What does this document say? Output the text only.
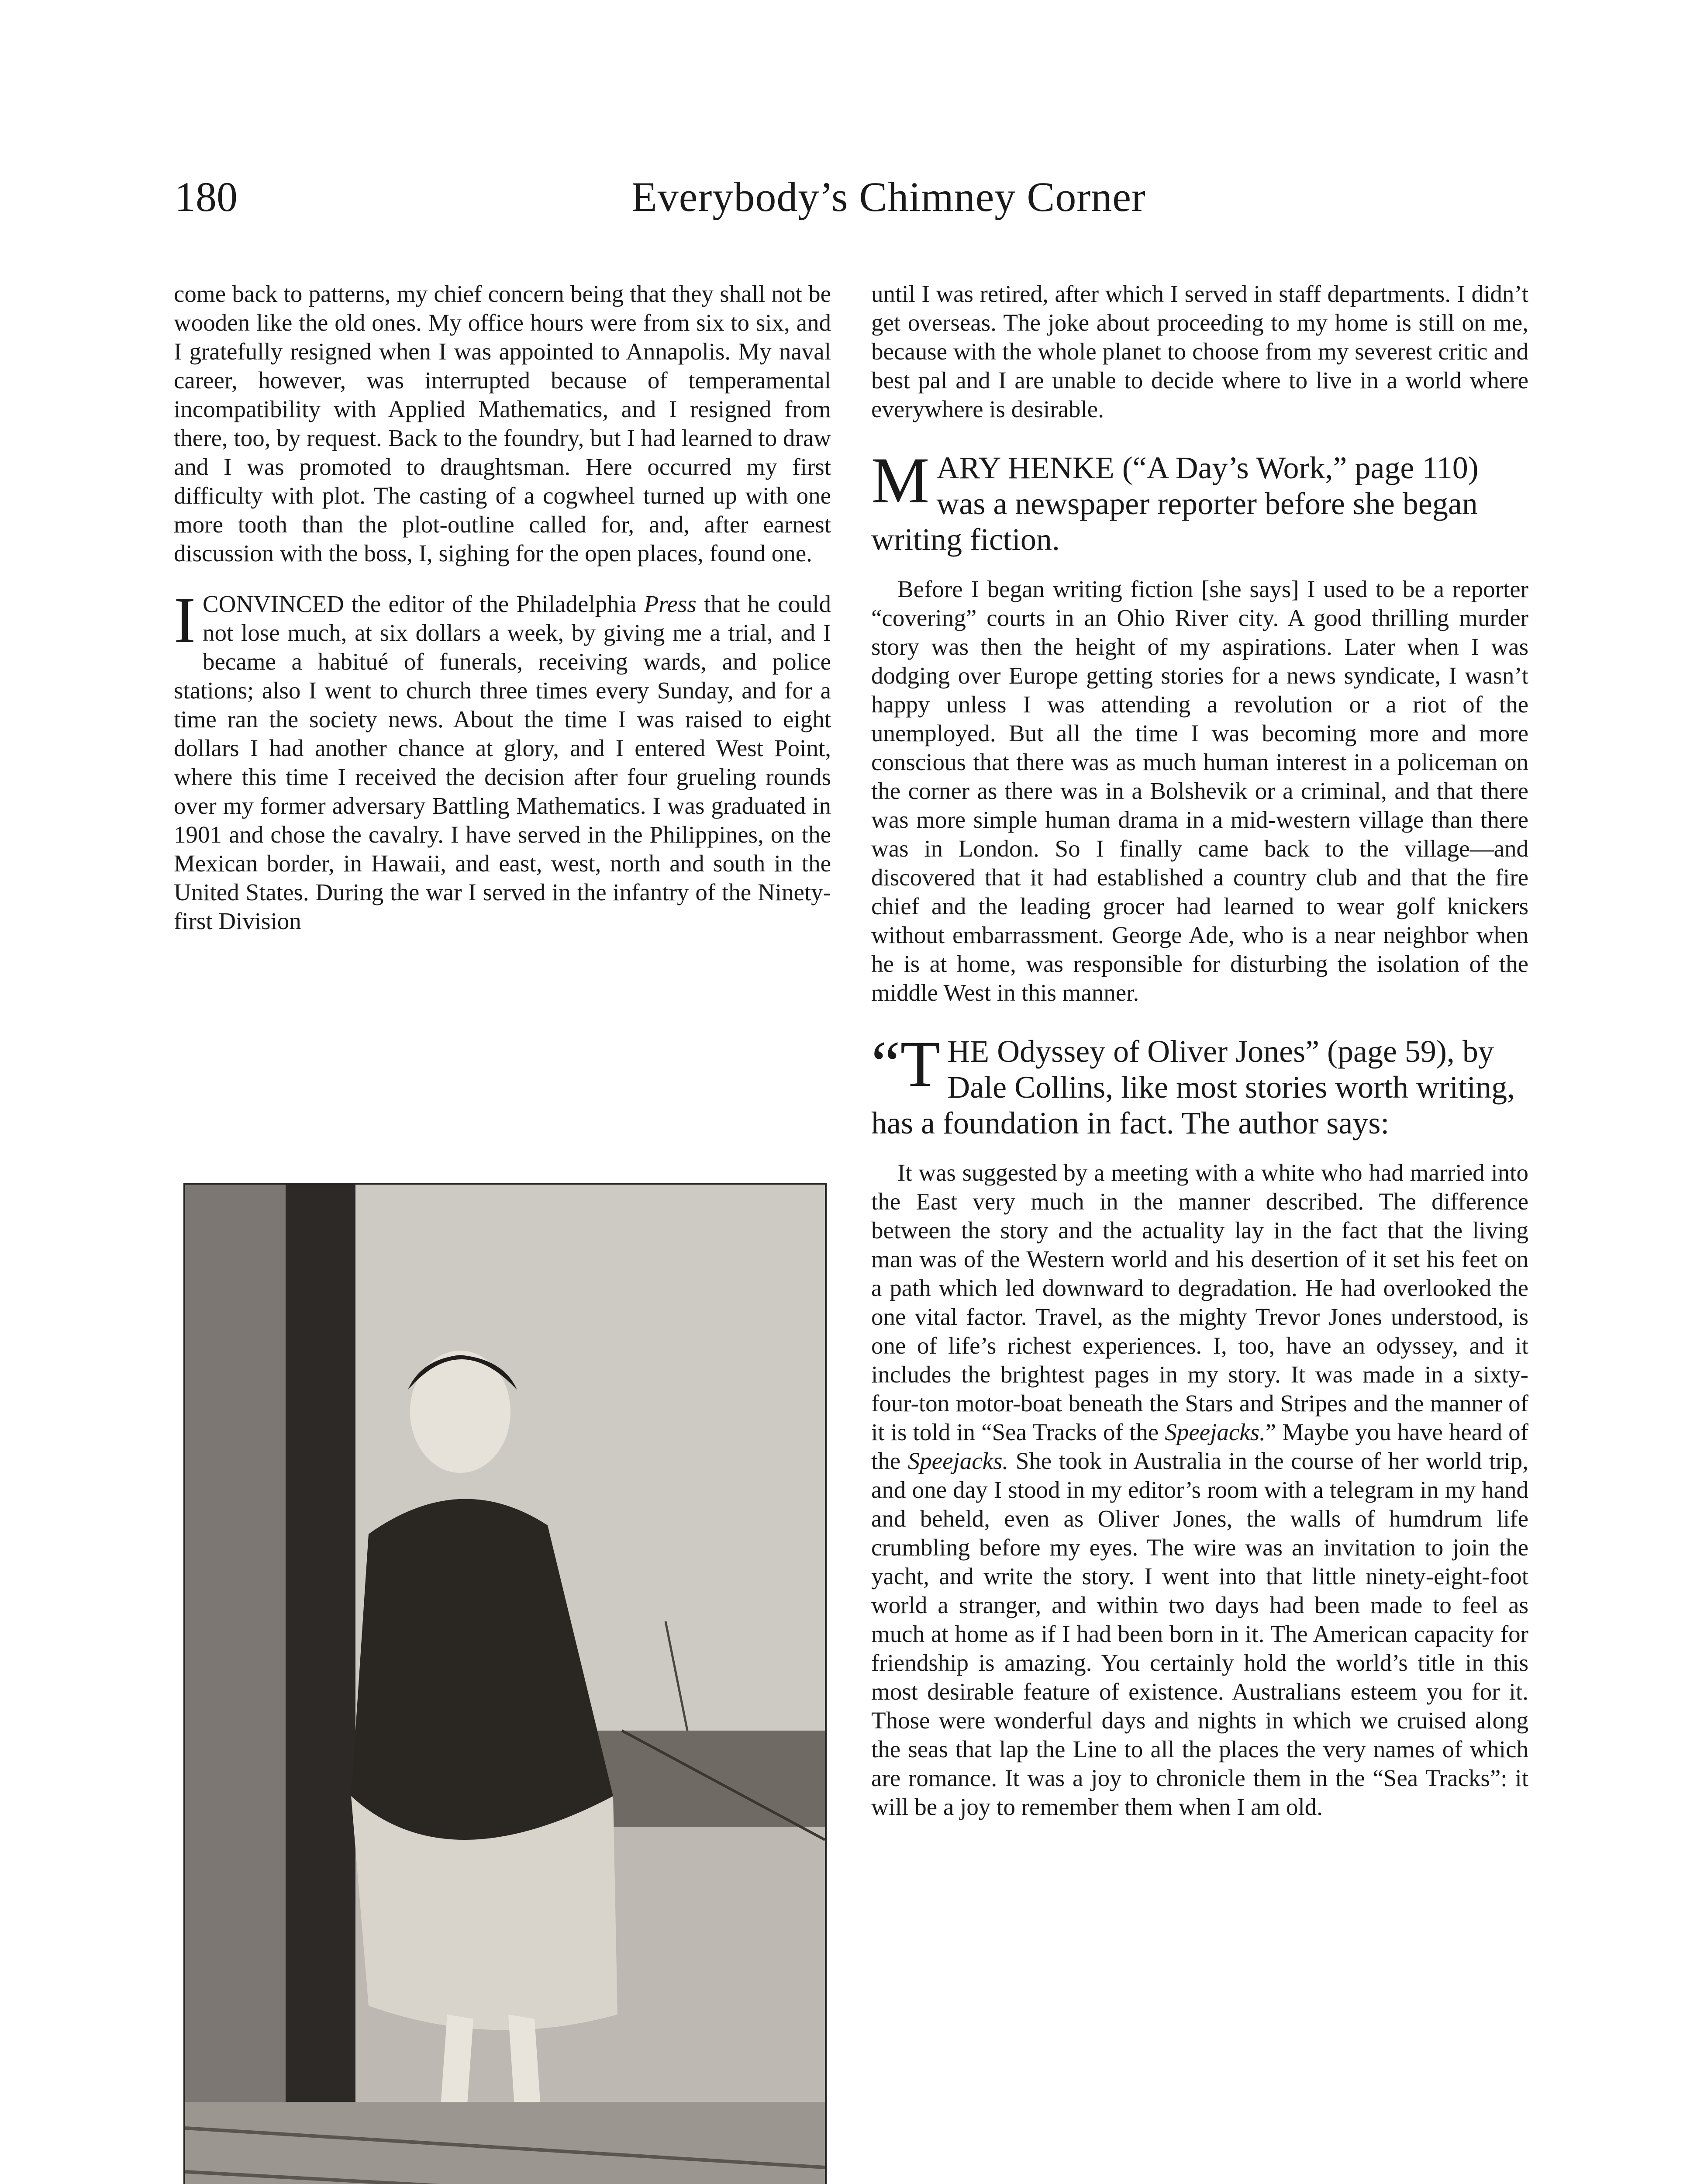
180	Everybody’s Chimney Corner

come back to patterns, my chief concern being that they shall not be wooden like the old ones. My office hours were from six to six, and I gratefully resigned when I was appointed to Annapolis. My naval career, however, was interrupted because of temperamental incompatibility with Applied Mathematics, and I resigned from there, too, by request. Back to the foundry, but I had learned to draw and I was promoted to draughtsman. Here occurred my first difficulty with plot. The casting of a cogwheel turned up with one more tooth than the plot-outline called for, and, after earnest discussion with the boss, I, sighing for the open places, found one.

ICONVINCED the editor of the Philadelphia Press that he could not lose much, at six dollars a week, by giving me a trial, and I became a habitué of funerals, receiving wards, and police stations; also I went to church three times every Sunday, and for a time ran the society news. About the time I was raised to eight dollars I had another chance at glory, and I entered West Point, where this time I received the decision after four grueling rounds over my former adversary Battling Mathematics. I was graduated in 1901 and chose the cavalry. I have served in the Philippines, on the Mexican border, in Hawaii, and east, west, north and south in the United States. During the war I served in the infantry of the Ninety-first Division

until I was retired, after which I served in staff departments. I didn’t get overseas. The joke about proceeding to my home is still on me, because with the whole planet to choose from my severest critic and best pal and I are unable to decide where to live in a world where everywhere is desirable.

MARY HENKE (“A Day’s Work,” page 110) was a newspaper reporter before she began writing fiction.

Before I began writing fiction [she says] I used to be a reporter “covering” courts in an Ohio River city. A good thrilling murder story was then the height of my aspirations. Later when I was dodging over Europe getting stories for a news syndicate, I wasn’t happy unless I was attending a revolution or a riot of the unemployed. But all the time I was becoming more and more conscious that there was as much human interest in a policeman on the corner as there was in a Bolshevik or a criminal, and that there was more simple human drama in a mid-western village than there was in London. So I finally came back to the village—and discovered that it had established a country club and that the fire chief and the leading grocer had learned to wear golf knickers without embarrassment. George Ade, who is a near neighbor when he is at home, was responsible for disturbing the isolation of the middle West in this manner.

“THE Odyssey of Oliver Jones” (page 59), by Dale Collins, like most stories worth writing, has a foundation in fact. The author says:

It was suggested by a meeting with a white who had married into the East very much in the manner described. The difference between the story and the actuality lay in the fact that the living man was of the Western world and his desertion of it set his feet on a path which led downward to degradation. He had overlooked the one vital factor. Travel, as the mighty Trevor Jones understood, is one of life’s richest experiences. I, too, have an odyssey, and it includes the brightest pages in my story. It was made in a sixty-four-ton motor-boat beneath the Stars and Stripes and the manner of it is told in “Sea Tracks of the Speejacks.” Maybe you have heard of the Speejacks. She took in Australia in the course of her world trip, and one day I stood in my editor’s room with a telegram in my hand and beheld, even as Oliver Jones, the walls of humdrum life crumbling before my eyes. The wire was an invitation to join the yacht, and write the story. I went into that little ninety-eight-foot world a stranger, and within two days had been made to feel as much at home as if I had been born in it. The American capacity for friendship is amazing. You certainly hold the world’s title in this most desirable feature of existence. Australians esteem you for it. Those were wonderful days and nights in which we cruised along the seas that lap the Line to all the places the very names of which are romance. It was a joy to chronicle them in the “Sea Tracks”: it will be a joy to remember them when I am old.
